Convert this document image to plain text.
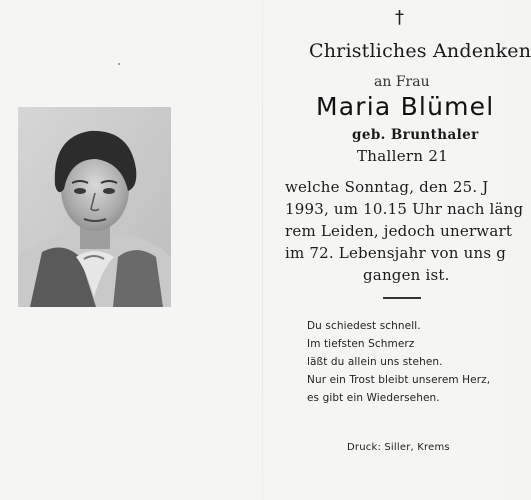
†
Christliches Andenken
an Frau
Maria Blümel
geb. Brunthaler
Thallern 21
welche Sonntag, den 25. J
1993, um 10.15 Uhr nach läng
rem Leiden, jedoch unerwart
im 72. Lebensjahr von uns g
gangen ist.
Du schiedest schnell.
Im tiefsten Schmerz
läßt du allein uns stehen.
Nur ein Trost bleibt unserem Herz,
es gibt ein Wiedersehen.
Druck: Siller, Krems
